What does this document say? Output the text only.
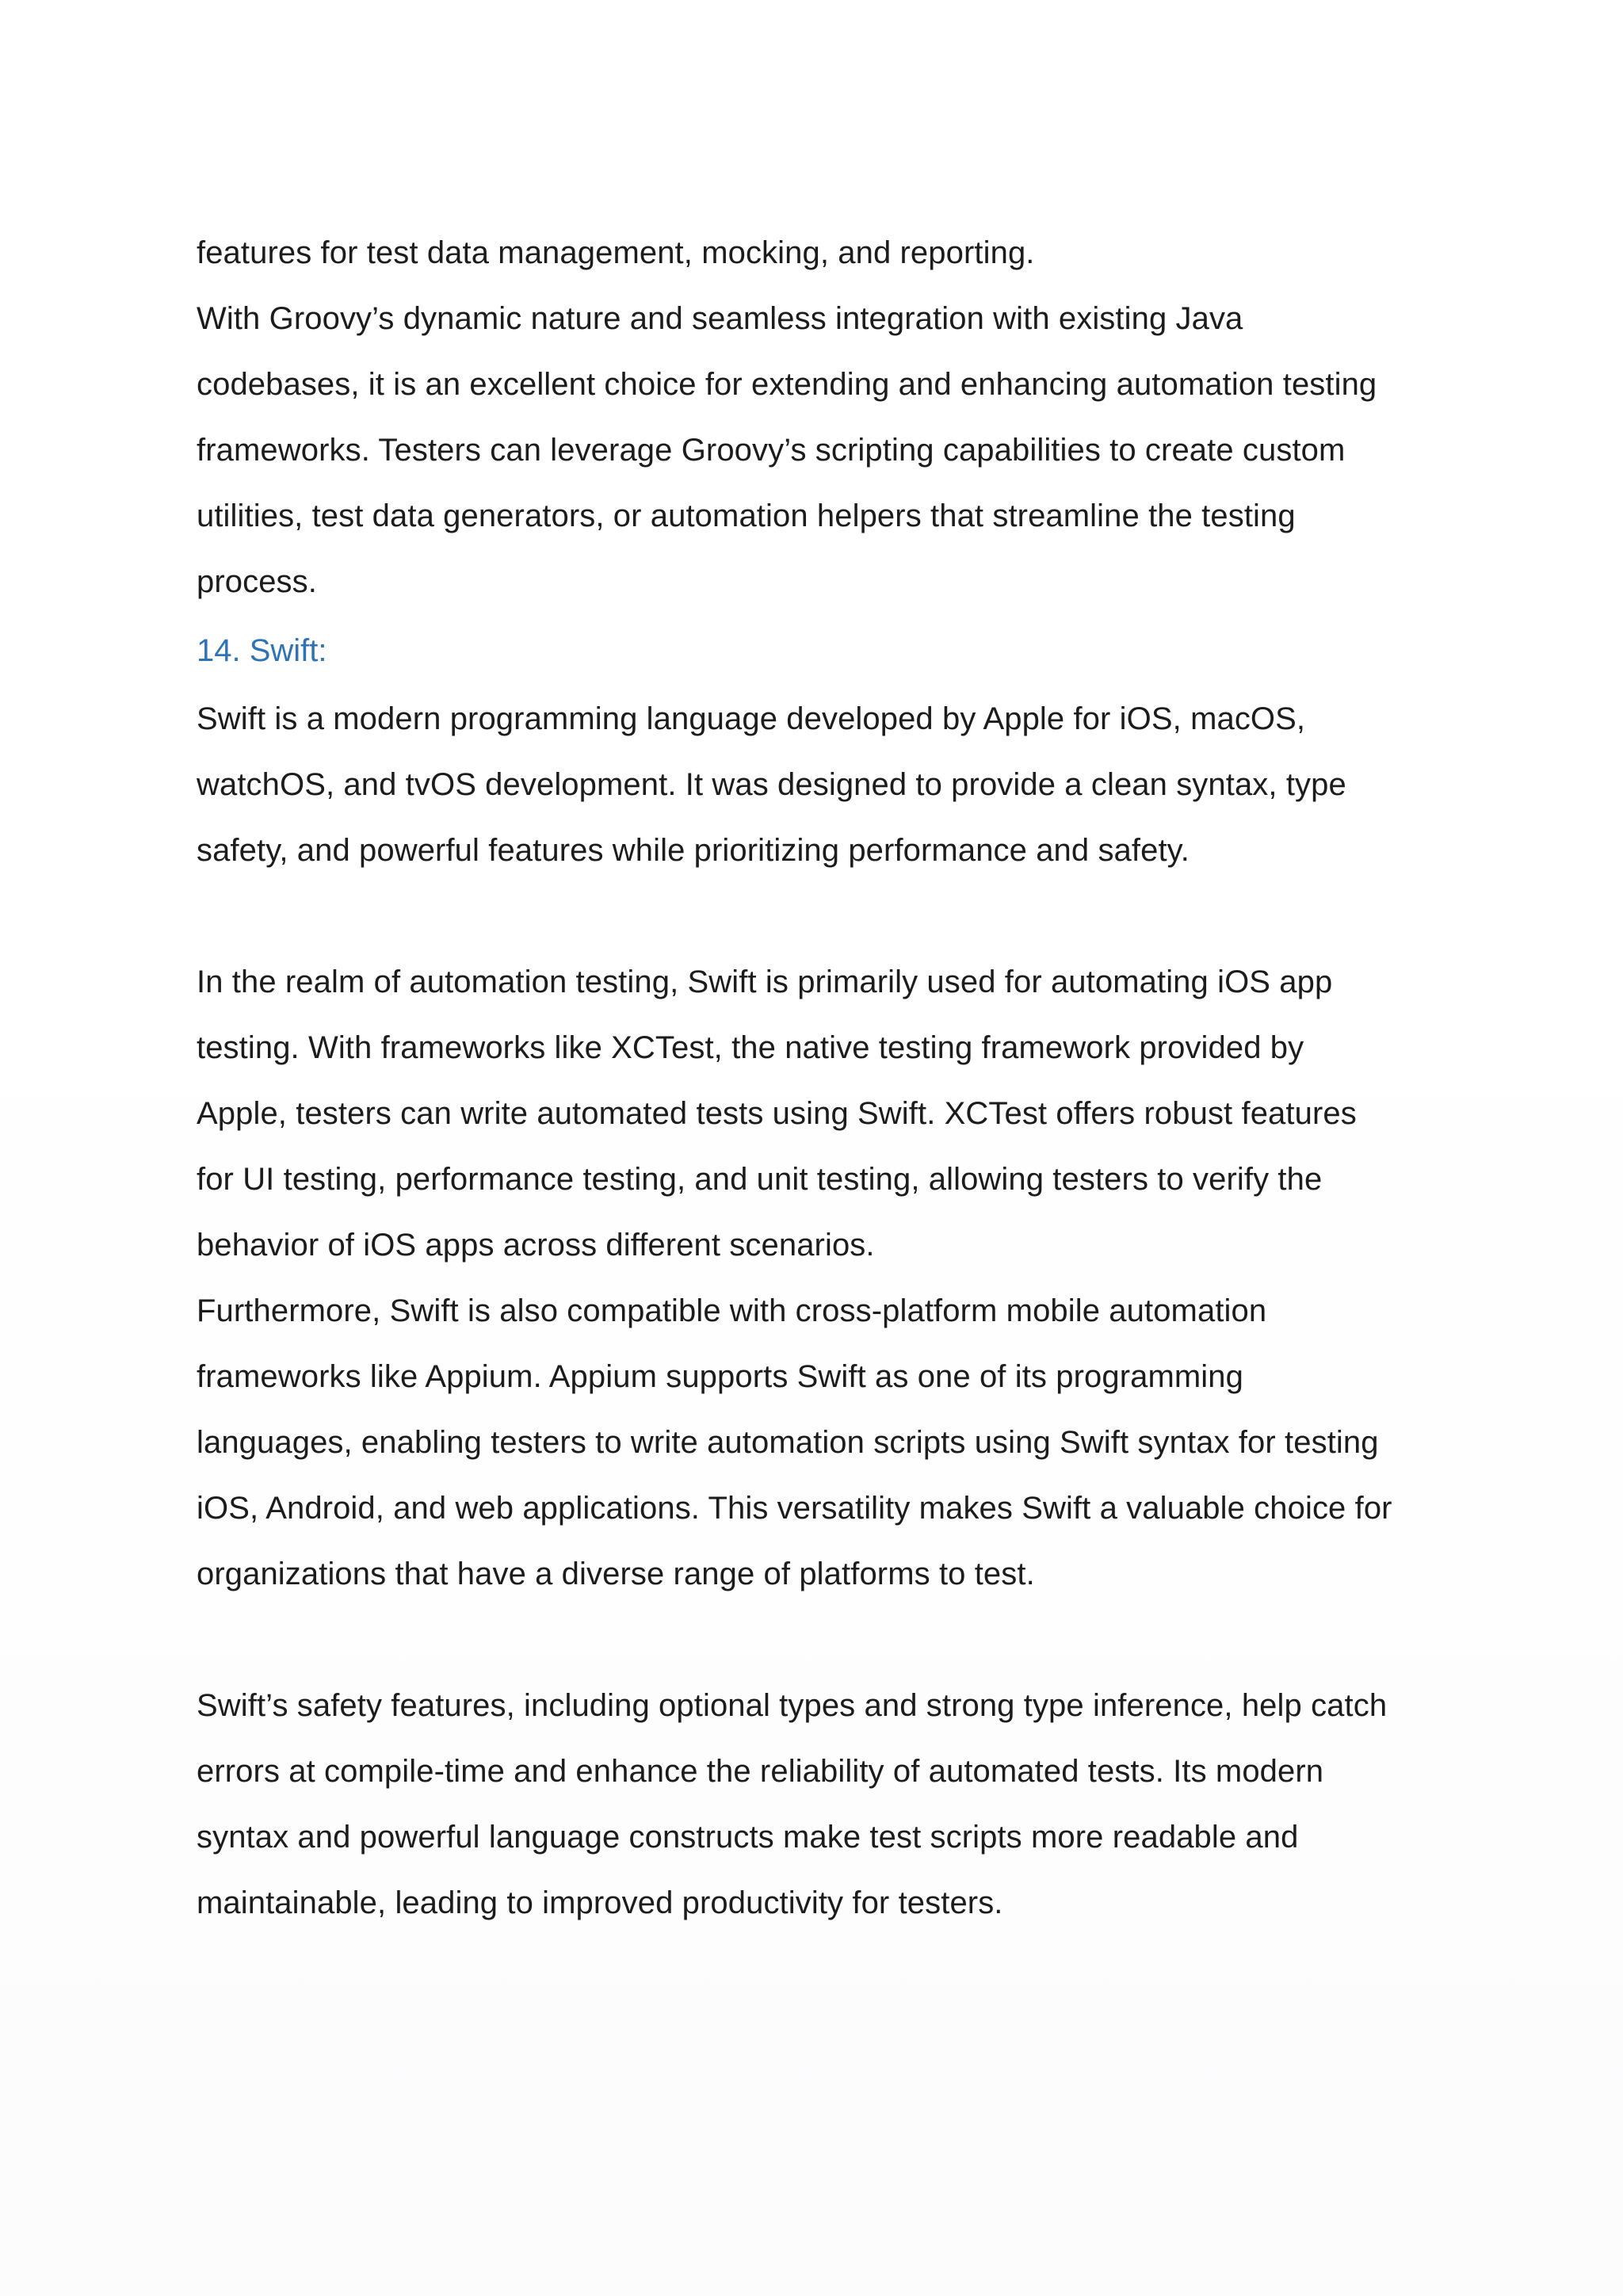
features for test data management, mocking, and reporting.
With Groovy’s dynamic nature and seamless integration with existing Java
codebases, it is an excellent choice for extending and enhancing automation testing
frameworks. Testers can leverage Groovy’s scripting capabilities to create custom
utilities, test data generators, or automation helpers that streamline the testing
process.
14. Swift:
Swift is a modern programming language developed by Apple for iOS, macOS,
watchOS, and tvOS development. It was designed to provide a clean syntax, type
safety, and powerful features while prioritizing performance and safety.
In the realm of automation testing, Swift is primarily used for automating iOS app
testing. With frameworks like XCTest, the native testing framework provided by
Apple, testers can write automated tests using Swift. XCTest offers robust features
for UI testing, performance testing, and unit testing, allowing testers to verify the
behavior of iOS apps across different scenarios.
Furthermore, Swift is also compatible with cross-platform mobile automation
frameworks like Appium. Appium supports Swift as one of its programming
languages, enabling testers to write automation scripts using Swift syntax for testing
iOS, Android, and web applications. This versatility makes Swift a valuable choice for
organizations that have a diverse range of platforms to test.
Swift’s safety features, including optional types and strong type inference, help catch
errors at compile-time and enhance the reliability of automated tests. Its modern
syntax and powerful language constructs make test scripts more readable and
maintainable, leading to improved productivity for testers.
